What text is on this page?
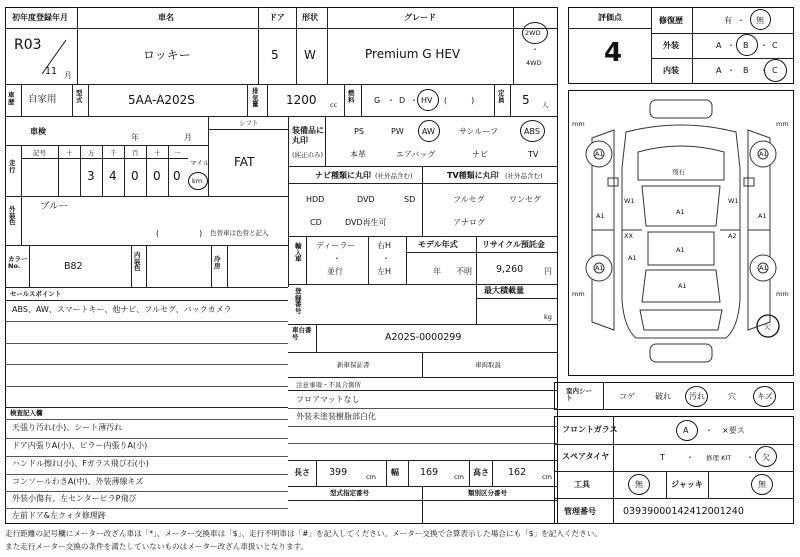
初年度登録年月
R03
11 月
車名
ロッキー
ドア
5
形状
W
グレード
Premium G HEV
2WD
・
4WD
車歴	自家用
型式	5AA-A202S
排気量 1200 cc
燃料	G ・ D ・ HV (　　　)
定員 5 人
車検
年	月
シフト
FAT
走行
記号	十 万 千 百 十 一
3 4 0 0 0
マイル
km
外装色
ブルー
(　　　　　) 色替車は色替と記入
カラーNo.	B82
内装色
冷房
セールスポイント
ABS、AW、スマートキー、他ナビ、フルセグ、バックカメラ
検査記入欄
天張り汚れ(小)、シート薄汚れ
ドア内張りA(小)、ピラー内張りA(小)
ハンドル擦れ(小)、Fガラス飛び石(小)
コンソールわきA(中)、外装薄線キズ
外装小傷有、左センターピラP飛び
左前ドア&左クォタ修理跡
装備品に丸印
(純正のみ)
PS	PW AW	サンルーフ	ABS
本革	エアバッグ	ナビ	TV
ナビ種類に丸印 (社外品含む)
HDD	DVD	SD
CD	DVD再生可
TV種類に丸印 (社外品含む)
フルセグ	ワンセグ
アナログ
輸入車
ディーラー
・
並行
右H
・
左H
モデル年式
年 不明
リサイクル預託金
9,260	円
登録番号
最大積載量
kg
車台番号	A202S-0000299
新車保証書	車両取説
注意事項・不具合箇所
フロアマットなし
外装未塗装樹脂部白化
長さ 399	cm 幅 169 cm 高さ 162 cm
型式指定番号	類別区分番号
評価点
4
修復歴	有 ・ 無
外装	A ・ B ・ C
内装	A ・ B ・ C
mm	mm
mm	mm
A1	A1
A1	A1
A1
W1	W1
XX	A2
A1
A1
A1
A1	A1
飛石
欠
室内シート	コゲ	破れ 汚れ	穴	キズ
フロントガラス	A ・ ×要ス
スペアタイヤ	T	・ 修理 KIT ・ 欠
工具	無	ジャッキ	無
管理番号	03939000142412001240
走行距離の記号欄にメーター改ざん車は「*」、メーター交換車は「$」、走行不明車は「#」を記入してください。メーター交換で合算表示した場合にも「$」を記入ください。
また走行メーター交換の条件を満たしていないものはメーター改ざん車扱いとなります。
